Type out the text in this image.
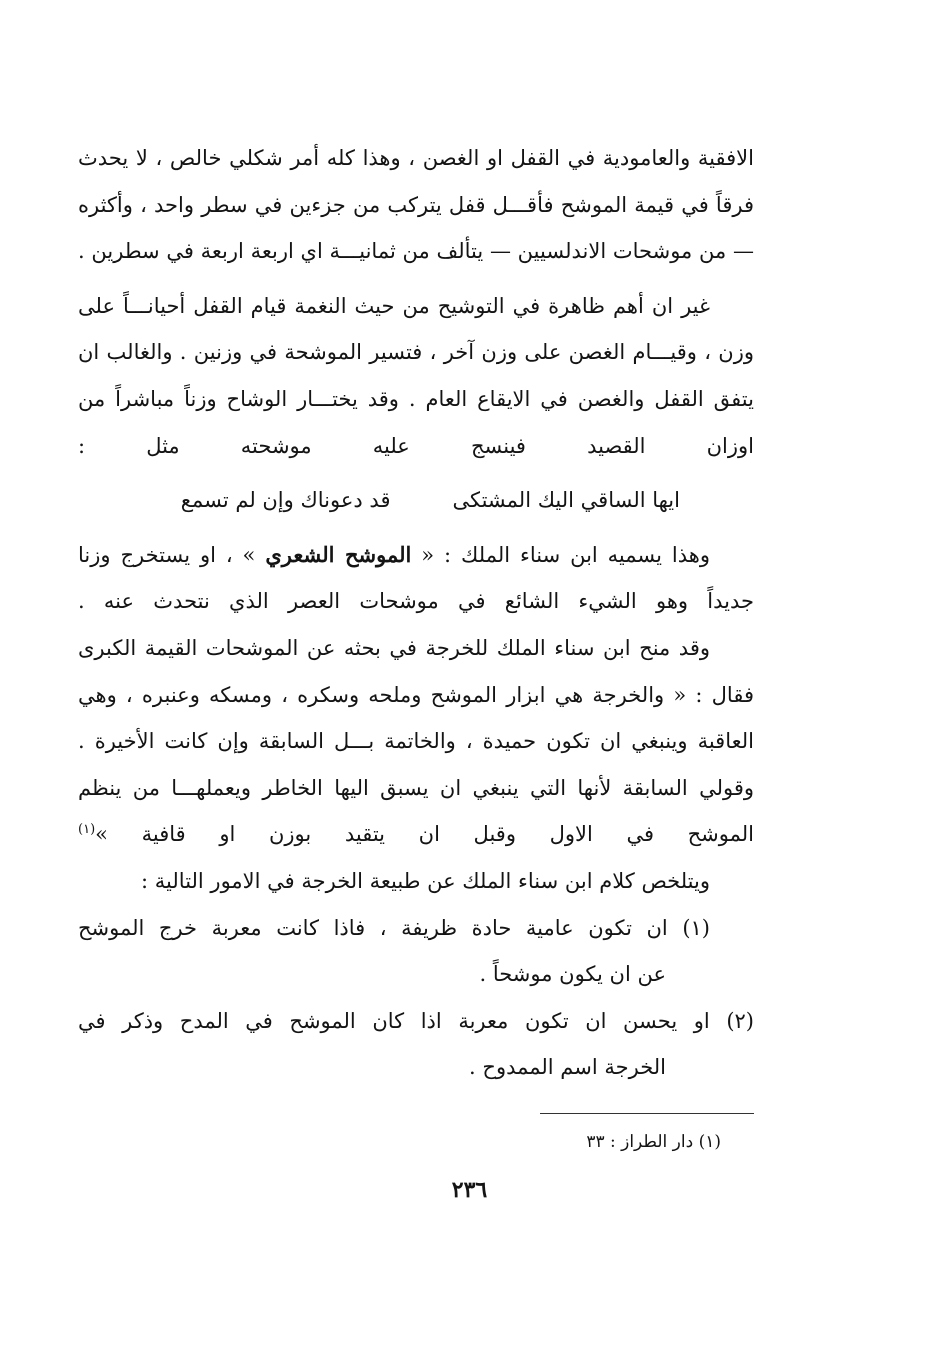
الافقية والعامودية في القفل او الغصن ، وهذا كله أمر شكلي خالص ، لا يحدث فرقاً في قيمة الموشح فأقـــل قفل يتركب من جزءين في سطر واحد ، وأكثره — من موشحات الاندلسيين — يتألف من ثمانيـــة اي اربعة اربعة في سطرين .

غير ان أهم ظاهرة في التوشيح من حيث النغمة قيام القفل أحيانـــاً على وزن ، وقيـــام الغصن على وزن آخر ، فتسير الموشحة في وزنين . والغالب ان يتفق القفل والغصن في الايقاع العام . وقد يختـــار الوشاح وزناً مباشراً من اوزان القصيد فينسج عليه موشحته مثل :

ايها الساقي اليك المشتكى
قد دعوناك وإن لم تسمع

وهذا يسميه ابن سناء الملك : « الموشح الشعري » ، او يستخرج وزنا جديداً وهو الشيء الشائع في موشحات العصر الذي نتحدث عنه .

وقد منح ابن سناء الملك للخرجة في بحثه عن الموشحات القيمة الكبرى فقال : « والخرجة هي ابزار الموشح وملحه وسكره ، ومسكه وعنبره ، وهي العاقبة وينبغي ان تكون حميدة ، والخاتمة بـــل السابقة وإن كانت الأخيرة . وقولي السابقة لأنها التي ينبغي ان يسبق اليها الخاطر ويعملهـــا من ينظم الموشح في الاول وقبل ان يتقيد بوزن او قافية »$^{(١)}$

ويتلخص كلام ابن سناء الملك عن طبيعة الخرجة في الامور التالية :

(١) ان تكون عامية حادة ظريفة ، فاذا كانت معربة خرج الموشح

عن ان يكون موشحاً .

(٢) او يحسن ان تكون معربة اذا كان الموشح في المدح وذكر في

الخرجة اسم الممدوح .

(١) دار الطراز : ٣٣
٢٣٦
